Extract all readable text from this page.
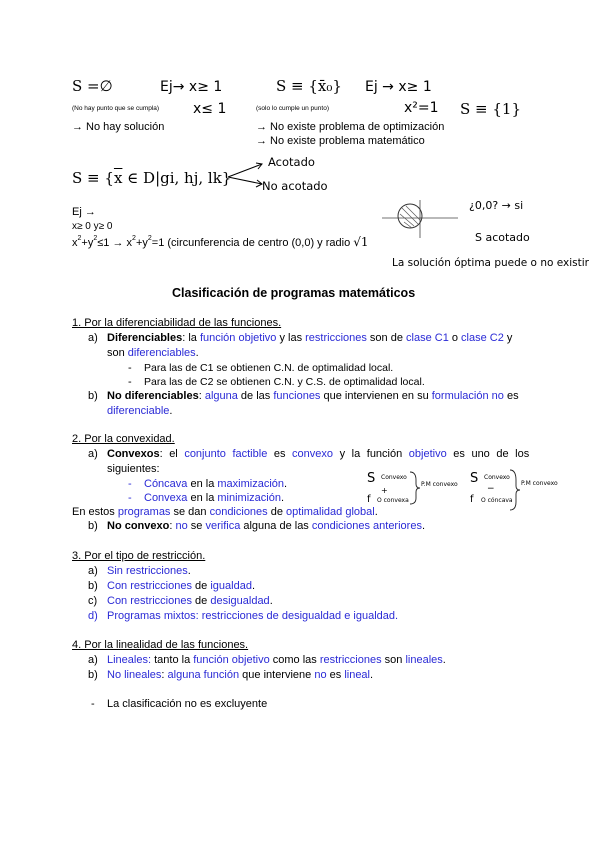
S =∅	Ej→ x≥ 1
(No hay punto que se cumpla) x≤ 1
→ No hay solución
S ≡ {x̄₀}
(solo lo cumple un punto)
Ej → x≥ 1
x²=1 S ≡ {1}
→ No existe problema de optimización
→ No existe problema matemático
$S \equiv \{\overline{x}$ ∈ D|gi, hj, lk}
Acotado
No acotado
Ej →
x≥ 0 y≥ 0
$x^2+y^2\le 1 \to x^2+y^2=1$ (circunferencia de centro (0,0) y radio √1
¿0,0? → si
S acotado
La solución óptima puede o no existir
Clasificación de programas matemáticos
1. Por la diferenciabilidad de las funciones.
a) Diferenciables: la función objetivo y las restricciones son de clase C1 o clase C2 y
son diferenciables.
- Para las de C1 se obtienen C.N. de optimalidad local.
- Para las de C2 se obtienen C.N. y C.S. de optimalidad local.
b) No diferenciables: alguna de las funciones que intervienen en su formulación no es
diferenciable.
2. Por la convexidad.
a) Convexos: el conjunto factible es convexo y la función objetivo es uno de los
siguientes:
- Cóncava en la maximización.
- Convexa en la minimización.
S Convexo
+
f O convexa
P.M convexo S Convexo
−
f O cóncava
P.M convexo
En estos programas se dan condiciones de optimalidad global.
b) No convexo: no se verifica alguna de las condiciones anteriores.
3. Por el tipo de restricción.
a) Sin restricciones.
b) Con restricciones de igualdad.
c) Con restricciones de desigualdad.
d) Programas mixtos: restricciones de desigualdad e igualdad.
4. Por la linealidad de las funciones.
a) Lineales: tanto la función objetivo como las restricciones son lineales.
b) No lineales: alguna función que interviene no es lineal.
- La clasificación no es excluyente
